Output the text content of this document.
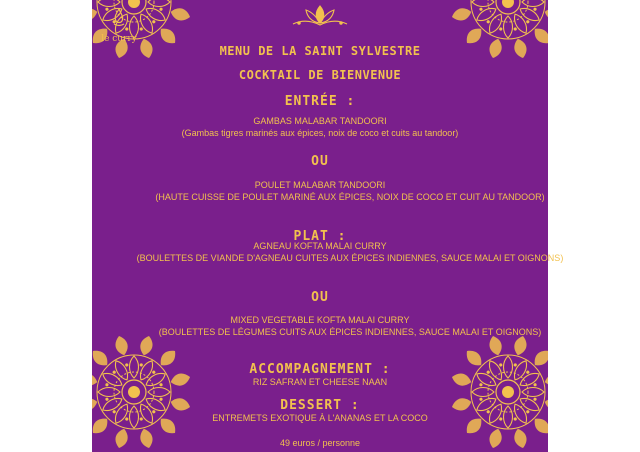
le curry
MENU DE LA SAINT SYLVESTRE
COCKTAIL DE BIENVENUE
ENTRÉE :
GAMBAS MALABAR TANDOORI
(Gambas tigres marinés aux épices, noix de coco et cuits au tandoor)
OU
POULET MALABAR TANDOORI
(HAUTE CUISSE DE POULET MARINÉ AUX ÉPICES, NOIX DE COCO ET CUIT AU TANDOOR)
PLAT :
AGNEAU KOFTA MALAI CURRY
(BOULETTES DE VIANDE D'AGNEAU CUITES AUX ÉPICES INDIENNES, SAUCE MALAI ET OIGNONS)
OU
MIXED VEGETABLE KOFTA MALAI CURRY
(BOULETTES DE LÉGUMES CUITS AUX ÉPICES INDIENNES, SAUCE MALAI ET OIGNONS)
ACCOMPAGNEMENT :
RIZ SAFRAN ET CHEESE NAAN
DESSERT :
ENTREMETS EXOTIQUE À L'ANANAS ET LA COCO
49 euros / personne
